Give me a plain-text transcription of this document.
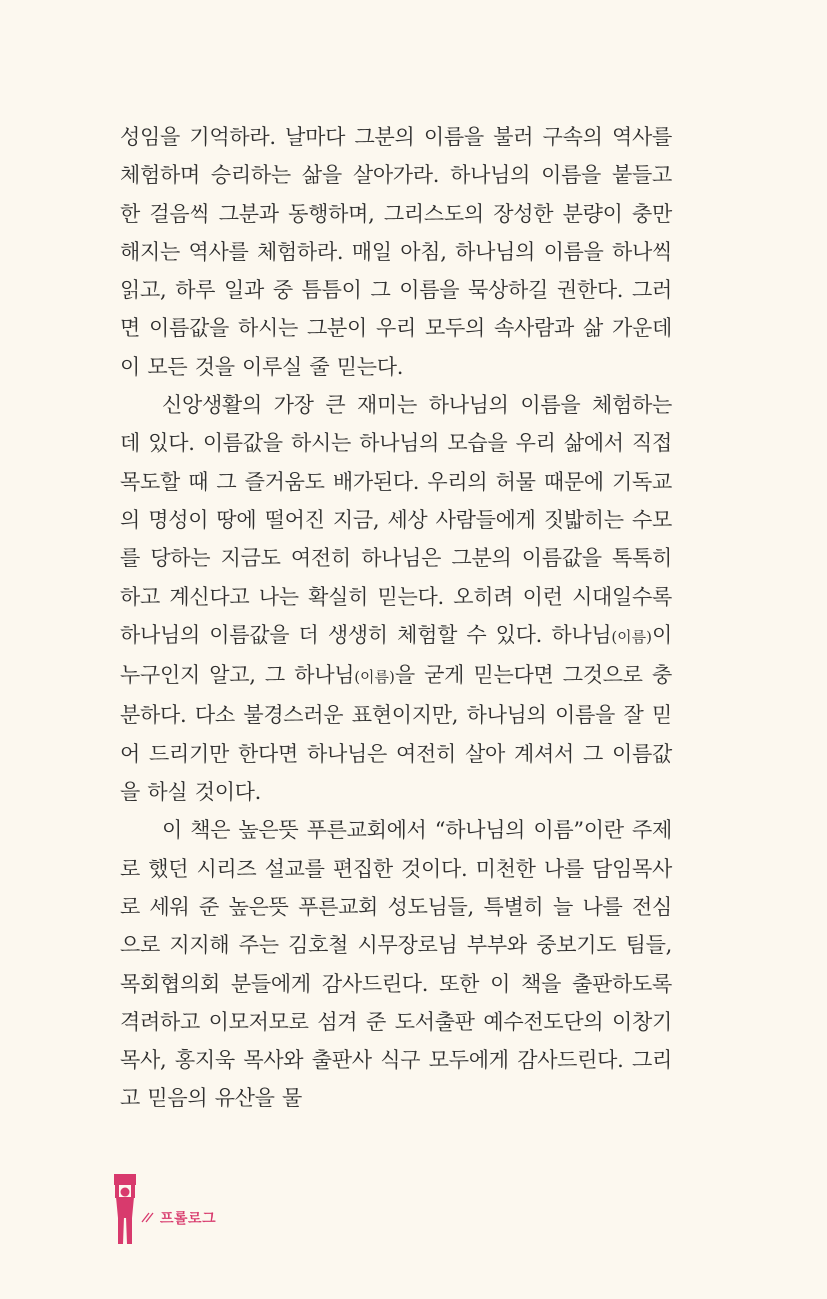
성임을 기억하라. 날마다 그분의 이름을 불러 구속의 역사를 체험하며 승리하는 삶을 살아가라. 하나님의 이름을 붙들고 한 걸음씩 그분과 동행하며, 그리스도의 장성한 분량이 충만해지는 역사를 체험하라. 매일 아침, 하나님의 이름을 하나씩 읽고, 하루 일과 중 틈틈이 그 이름을 묵상하길 권한다. 그러면 이름값을 하시는 그분이 우리 모두의 속사람과 삶 가운데 이 모든 것을 이루실 줄 믿는다.

신앙생활의 가장 큰 재미는 하나님의 이름을 체험하는 데 있다. 이름값을 하시는 하나님의 모습을 우리 삶에서 직접 목도할 때 그 즐거움도 배가된다. 우리의 허물 때문에 기독교의 명성이 땅에 떨어진 지금, 세상 사람들에게 짓밟히는 수모를 당하는 지금도 여전히 하나님은 그분의 이름값을 톡톡히 하고 계신다고 나는 확실히 믿는다. 오히려 이런 시대일수록 하나님의 이름값을 더 생생히 체험할 수 있다. 하나님(이름)이 누구인지 알고, 그 하나님(이름)을 굳게 믿는다면 그것으로 충분하다. 다소 불경스러운 표현이지만, 하나님의 이름을 잘 믿어 드리기만 한다면 하나님은 여전히 살아 계셔서 그 이름값을 하실 것이다.

이 책은 높은뜻 푸른교회에서 “하나님의 이름”이란 주제로 했던 시리즈 설교를 편집한 것이다. 미천한 나를 담임목사로 세워 준 높은뜻 푸른교회 성도님들, 특별히 늘 나를 전심으로 지지해 주는 김호철 시무장로님 부부와 중보기도 팀들, 목회협의회 분들에게 감사드린다. 또한 이 책을 출판하도록 격려하고 이모저모로 섬겨 준 도서출판 예수전도단의 이창기 목사, 홍지욱 목사와 출판사 식구 모두에게 감사드린다. 그리고 믿음의 유산을 물

프롤로그
